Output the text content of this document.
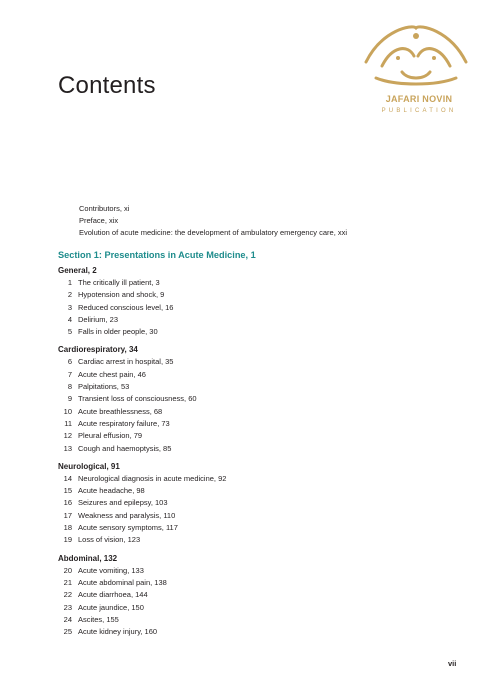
JAFARI NOVIN
PUBLICATION
Contents
Contributors, xi
Preface, xix
Evolution of acute medicine: the development of ambulatory emergency care, xxi
Section 1: Presentations in Acute Medicine, 1
General, 2
1 The critically ill patient, 3
2 Hypotension and shock, 9
3 Reduced conscious level, 16
4 Delirium, 23
5 Falls in older people, 30
Cardiorespiratory, 34
6 Cardiac arrest in hospital, 35
7 Acute chest pain, 46
8 Palpitations, 53
9 Transient loss of consciousness, 60
10 Acute breathlessness, 68
11 Acute respiratory failure, 73
12 Pleural effusion, 79
13 Cough and haemoptysis, 85
Neurological, 91
14 Neurological diagnosis in acute medicine, 92
15 Acute headache, 98
16 Seizures and epilepsy, 103
17 Weakness and paralysis, 110
18 Acute sensory symptoms, 117
19 Loss of vision, 123
Abdominal, 132
20 Acute vomiting, 133
21 Acute abdominal pain, 138
22 Acute diarrhoea, 144
23 Acute jaundice, 150
24 Ascites, 155
25 Acute kidney injury, 160
vii
